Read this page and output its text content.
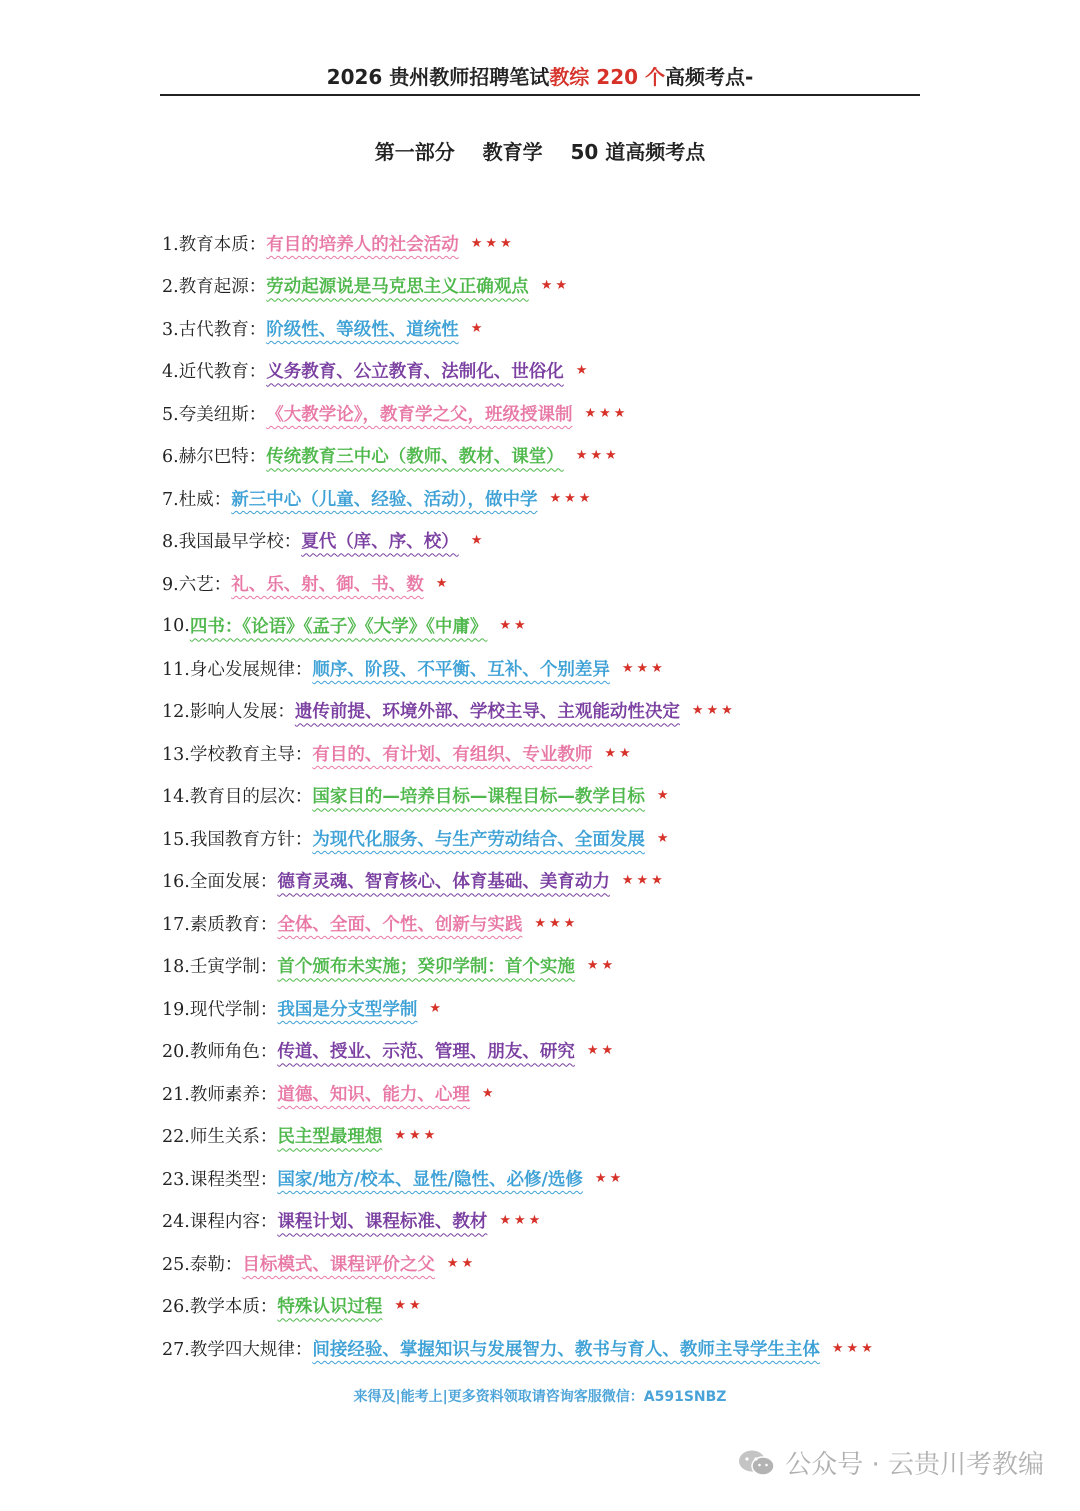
2026 贵州教师招聘笔试教综 220 个高频考点-
第一部分    教育学    50 道高频考点
1.教育本质： 有目的培养人的社会活动 ★★★
2.教育起源： 劳动起源说是马克思主义正确观点 ★★
3.古代教育： 阶级性、等级性、道统性 ★
4.近代教育： 义务教育、公立教育、法制化、世俗化 ★
5.夸美纽斯： 《大教学论》，教育学之父，班级授课制 ★★★
6.赫尔巴特： 传统教育三中心（教师、教材、课堂） ★★★
7.杜威： 新三中心（儿童、经验、活动），做中学 ★★★
8.我国最早学校： 夏代（庠、序、校） ★
9.六艺： 礼、乐、射、御、书、数 ★
10. 四书：《论语》《孟子》《大学》《中庸》 ★★
11.身心发展规律： 顺序、阶段、不平衡、互补、个别差异 ★★★
12.影响人发展： 遗传前提、环境外部、学校主导、主观能动性决定 ★★★
13.学校教育主导： 有目的、有计划、有组织、专业教师 ★★
14.教育目的层次： 国家目的—培养目标—课程目标—教学目标 ★
15.我国教育方针： 为现代化服务、与生产劳动结合、全面发展 ★
16.全面发展： 德育灵魂、智育核心、体育基础、美育动力 ★★★
17.素质教育： 全体、全面、个性、创新与实践 ★★★
18.壬寅学制： 首个颁布未实施；癸卯学制：首个实施 ★★
19.现代学制： 我国是分支型学制 ★
20.教师角色： 传道、授业、示范、管理、朋友、研究 ★★
21.教师素养： 道德、知识、能力、心理 ★
22.师生关系： 民主型最理想 ★★★
23.课程类型： 国家/地方/校本、显性/隐性、必修/选修 ★★
24.课程内容： 课程计划、课程标准、教材 ★★★
25.泰勒： 目标模式、课程评价之父 ★★
26.教学本质： 特殊认识过程 ★★
27.教学四大规律： 间接经验、掌握知识与发展智力、教书与育人、教师主导学生主体 ★★★
来得及|能考上|更多资料领取请咨询客服微信：A591SNBZ
公众号 · 云贵川考教编
